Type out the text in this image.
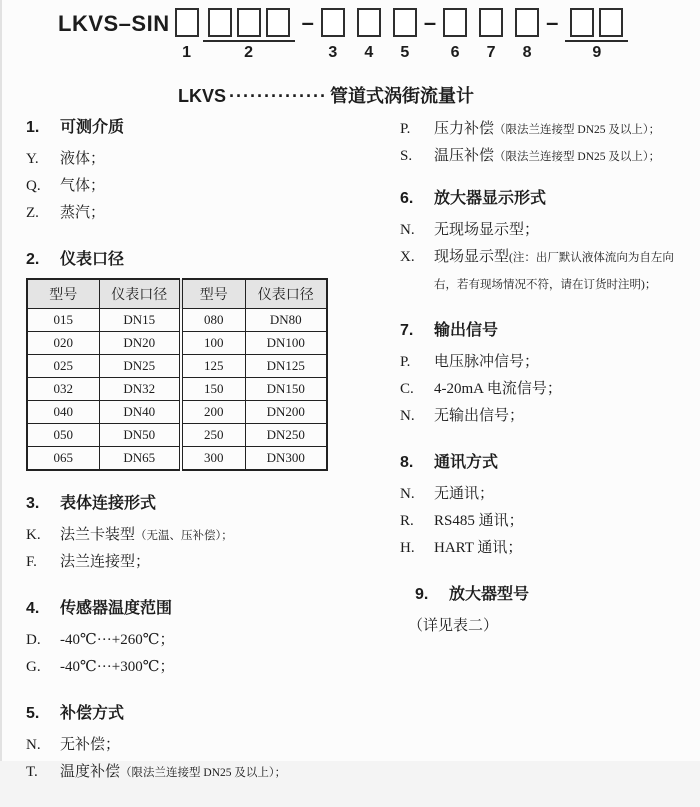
LKVS–SIN
1	2
–
3	4	5
–
6	7	8
–
9
LKVS ·············· 管道式涡街流量计
1.	可测介质
Y.	液体；
Q.	气体；
Z.	蒸汽；
2.	仪表口径
型号	仪表口径	型号	仪表口径
015	DN15	080	DN80
020	DN20	100	DN100
025	DN25	125	DN125
032	DN32	150	DN150
040	DN40	200	DN200
050	DN50	250	DN250
065	DN65	300	DN300
3.	表体连接形式
K.	法兰卡装型（无温、压补偿）；
F.	法兰连接型；
4.	传感器温度范围
D.	-40℃···+260℃；
G.	-40℃···+300℃；
5.	补偿方式
N.	无补偿；
T.	温度补偿（限法兰连接型 DN25 及以上）；
P.	压力补偿（限法兰连接型 DN25 及以上）；
S.	温压补偿（限法兰连接型 DN25 及以上）；
6.	放大器显示形式
N.	无现场显示型；
X.	现场显示型(注：出厂默认液体流向为自左向右，若有现场情况不符，请在订货时注明)；
7.	输出信号
P.	电压脉冲信号；
C.	4-20mA 电流信号；
N.	无输出信号；
8.	通讯方式
N.	无通讯；
R.	RS485 通讯；
H.	HART 通讯；
9.	放大器型号
（详见表二）
